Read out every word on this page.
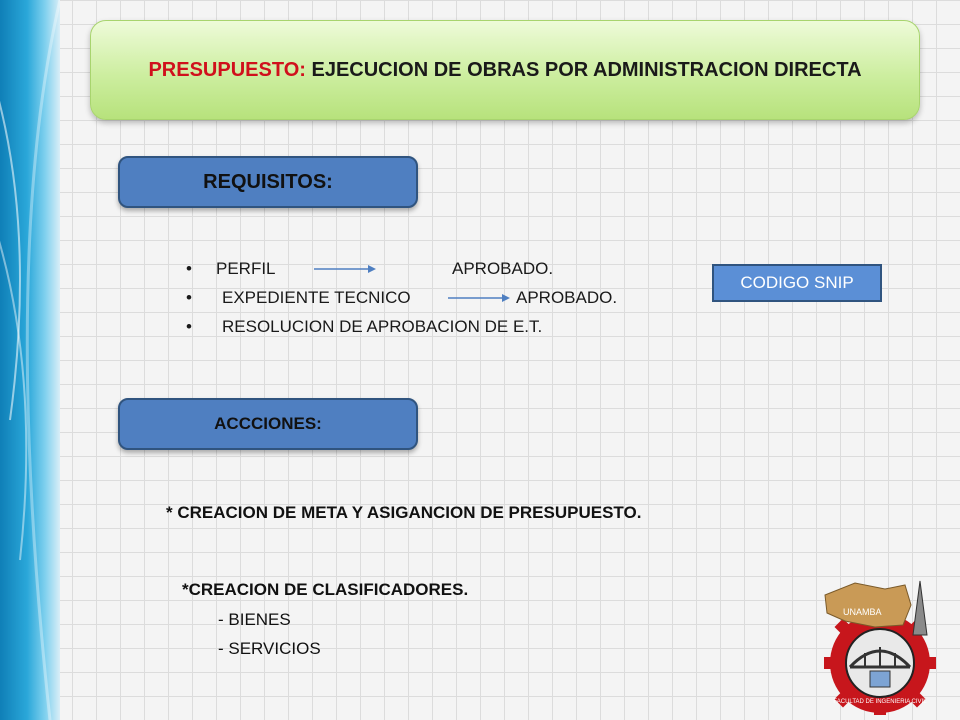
PRESUPUESTO: EJECUCION DE OBRAS POR ADMINISTRACION DIRECTA
REQUISITOS:
• PERFIL	APROBADO.
• EXPEDIENTE TECNICO	APROBADO.
• RESOLUCION DE APROBACION DE E.T.
CODIGO SNIP
ACCCIONES:
* CREACION DE META Y ASIGANCION DE PRESUPUESTO.
*CREACION DE CLASIFICADORES.
- BIENES
- SERVICIOS
UNAMBA
FACULTAD DE INGENIERIA CIVIL
